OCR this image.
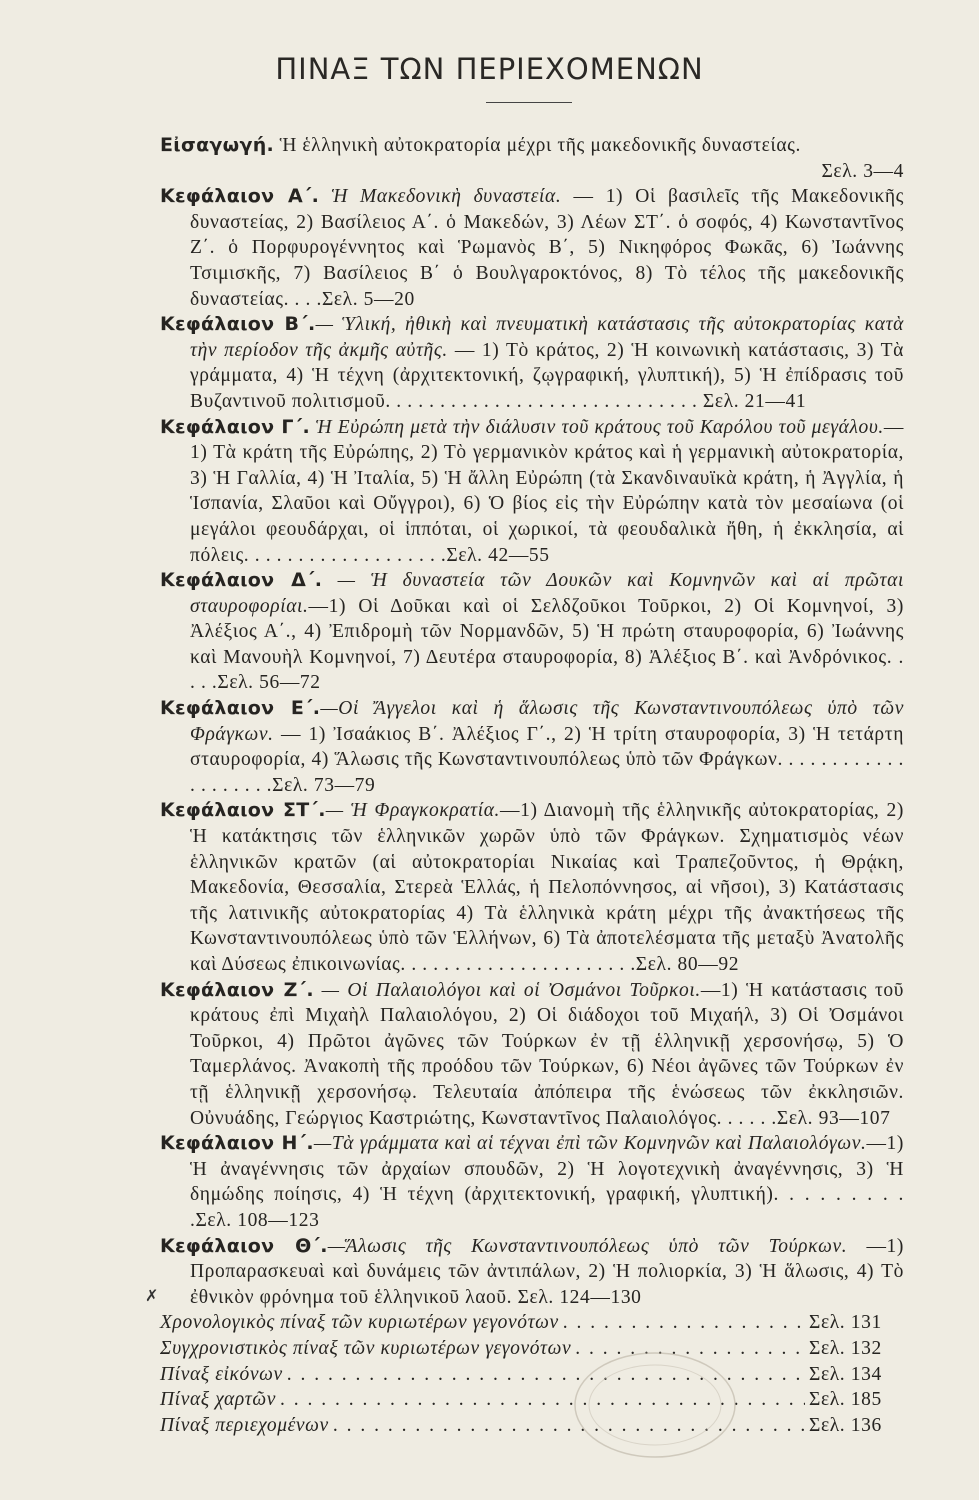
ΠΙΝΑΞ ΤΩΝ ΠΕΡΙΕΧΟΜΕΝΩΝ

Εἰσαγωγή. Ἡ ἑλληνικὴ αὐτοκρατορία μέχρι τῆς μακεδονικῆς δυναστείας.
Σελ. 3—4

Κεφάλαιον Α΄. Ἡ Μακεδονικὴ δυναστεία. — 1) Οἱ βασιλεῖς τῆς Μακεδονικῆς δυναστείας, 2) Βασίλειος Α΄. ὁ Μακεδών, 3) Λέων ΣΤ΄. ὁ σοφός, 4) Κωνσταντῖνος Ζ΄. ὁ Πορφυρογέννητος καὶ Ῥωμανὸς Β΄, 5) Νικηφόρος Φωκᾶς, 6) Ἰωάννης Τσιμισκῆς, 7) Βασίλειος Β΄ ὁ Βουλγαροκτόνος, 8) Τὸ τέλος τῆς μακεδονικῆς δυναστείας. . . .Σελ. 5—20

Κεφάλαιον Β΄.— Ὑλική, ἠθικὴ καὶ πνευματικὴ κατάστασις τῆς αὐτοκρατορίας κατὰ τὴν περίοδον τῆς ἀκμῆς αὐτῆς. — 1) Τὸ κράτος, 2) Ἡ κοινωνικὴ κατάστασις, 3) Τὰ γράμματα, 4) Ἡ τέχνη (ἀρχιτεκτονική, ζῳγραφική, γλυπτική), 5) Ἡ ἐπίδρασις τοῦ Βυζαντινοῦ πολιτισμοῦ. . . . . . . . . . . . . . . . . . . . . . . . . . . . . Σελ. 21—41

Κεφάλαιον Γ΄. Ἡ Εὐρώπη μετὰ τὴν διάλυσιν τοῦ κράτους τοῦ Καρόλου τοῦ μεγάλου.—1) Τὰ κράτη τῆς Εὐρώπης, 2) Τὸ γερμανικὸν κράτος καὶ ἡ γερμανικὴ αὐτοκρατορία, 3) Ἡ Γαλλία, 4) Ἡ Ἰταλία, 5) Ἡ ἄλλη Εὐρώπη (τὰ Σκανδιναυϊκὰ κράτη, ἡ Ἀγγλία, ἡ Ἱσπανία, Σλαῦοι καὶ Οὔγγροι), 6) Ὁ βίος εἰς τὴν Εὐρώπην κατὰ τὸν μεσαίωνα (οἱ μεγάλοι φεουδάρχαι, οἱ ἱππόται, οἱ χωρικοί, τὰ φεουδαλικὰ ἤθη, ἡ ἐκκλησία, αἱ πόλεις. . . . . . . . . . . . . . . . . . .Σελ. 42—55

Κεφάλαιον Δ΄. — Ἡ δυναστεία τῶν Δουκῶν καὶ Κομνηνῶν καὶ αἱ πρῶται σταυροφορίαι.—1) Οἱ Δοῦκαι καὶ οἱ Σελδζοῦκοι Τοῦρκοι, 2) Οἱ Κομνηνοί, 3) Ἀλέξιος Α΄., 4) Ἐπιδρομὴ τῶν Νορμανδῶν, 5) Ἡ πρώτη σταυροφορία, 6) Ἰωάννης καὶ Μανουὴλ Κομνηνοί, 7) Δευτέρα σταυροφορία, 8) Ἀλέξιος Β΄. καὶ Ἀνδρόνικος. . . . .Σελ. 56—72

Κεφάλαιον Ε΄.—Οἱ Ἄγγελοι καὶ ἡ ἅλωσις τῆς Κωνσταντινουπόλεως ὑπὸ τῶν Φράγκων. — 1) Ἰσαάκιος Β΄. Ἀλέξιος Γ΄., 2) Ἡ τρίτη σταυροφορία, 3) Ἡ τετάρτη σταυροφορία, 4) Ἅλωσις τῆς Κωνσταντινουπόλεως ὑπὸ τῶν Φράγκων. . . . . . . . . . . . . . . . . . . .Σελ. 73—79

Κεφάλαιον ΣΤ΄.— Ἡ Φραγκοκρατία.—1) Διανομὴ τῆς ἑλληνικῆς αὐτοκρατορίας, 2) Ἡ κατάκτησις τῶν ἑλληνικῶν χωρῶν ὑπὸ τῶν Φράγκων. Σχηματισμὸς νέων ἑλληνικῶν κρατῶν (αἱ αὐτοκρατορίαι Νικαίας καὶ Τραπεζοῦντος, ἡ Θρᾴκη, Μακεδονία, Θεσσαλία, Στερεὰ Ἑλλάς, ἡ Πελοπόννησος, αἱ νῆσοι), 3) Κατάστασις τῆς λατινικῆς αὐτοκρατορίας 4) Τὰ ἑλληνικὰ κράτη μέχρι τῆς ἀνακτήσεως τῆς Κωνσταντινουπόλεως ὑπὸ τῶν Ἑλλήνων, 6) Τὰ ἀποτελέσματα τῆς μεταξὺ Ἀνατολῆς καὶ Δύσεως ἐπικοινωνίας. . . . . . . . . . . . . . . . . . . . . .Σελ. 80—92

Κεφάλαιον Ζ΄. — Οἱ Παλαιολόγοι καὶ οἱ Ὀσμάνοι Τοῦρκοι.—1) Ἡ κατάστασις τοῦ κράτους ἐπὶ Μιχαὴλ Παλαιολόγου, 2) Οἱ διάδοχοι τοῦ Μιχαήλ, 3) Οἱ Ὀσμάνοι Τοῦρκοι, 4) Πρῶτοι ἀγῶνες τῶν Τούρκων ἐν τῇ ἑλληνικῇ χερσονήσῳ, 5) Ὁ Ταμερλάνος. Ἀνακοπὴ τῆς προόδου τῶν Τούρκων, 6) Νέοι ἀγῶνες τῶν Τούρκων ἐν τῇ ἑλληνικῇ χερσονήσῳ. Τελευταία ἀπόπειρα τῆς ἑνώσεως τῶν ἐκκλησιῶν. Οὐνυάδης, Γεώργιος Καστριώτης, Κωνσταντῖνος Παλαιολόγος. . . . . .Σελ. 93—107

Κεφάλαιον Η΄.—Τὰ γράμματα καὶ αἱ τέχναι ἐπὶ τῶν Κομνηνῶν καὶ Παλαιολόγων.—1) Ἡ ἀναγέννησις τῶν ἀρχαίων σπουδῶν, 2) Ἡ λογοτεχνικὴ ἀναγέννησις, 3) Ἡ δημώδης ποίησις, 4) Ἡ τέχνη (ἀρχιτεκτονική, γραφική, γλυπτική). . . . . . . . . .Σελ. 108—123

Κεφάλαιον Θ΄.—Ἅλωσις τῆς Κωνσταντινουπόλεως ὑπὸ τῶν Τούρκων. —1) Προπαρασκευαὶ καὶ δυνάμεις τῶν ἀντιπάλων, 2) Ἡ πολιορκία, 3) Ἡ ἅλωσις, 4) Τὸ ἐθνικὸν φρόνημα τοῦ ἑλληνικοῦ λαοῦ. Σελ. 124—130

Χρονολογικὸς πίναξ τῶν κυριωτέρων γεγονότων . . .	Σελ. 131
Συγχρονιστικὸς πίναξ τῶν κυριωτέρων γεγονότων . . .	Σελ. 132
Πίναξ εἰκόνων . . .	Σελ. 134
Πίναξ χαρτῶν . . .	Σελ. 185
Πίναξ περιεχομένων . . .	Σελ. 136
✗
